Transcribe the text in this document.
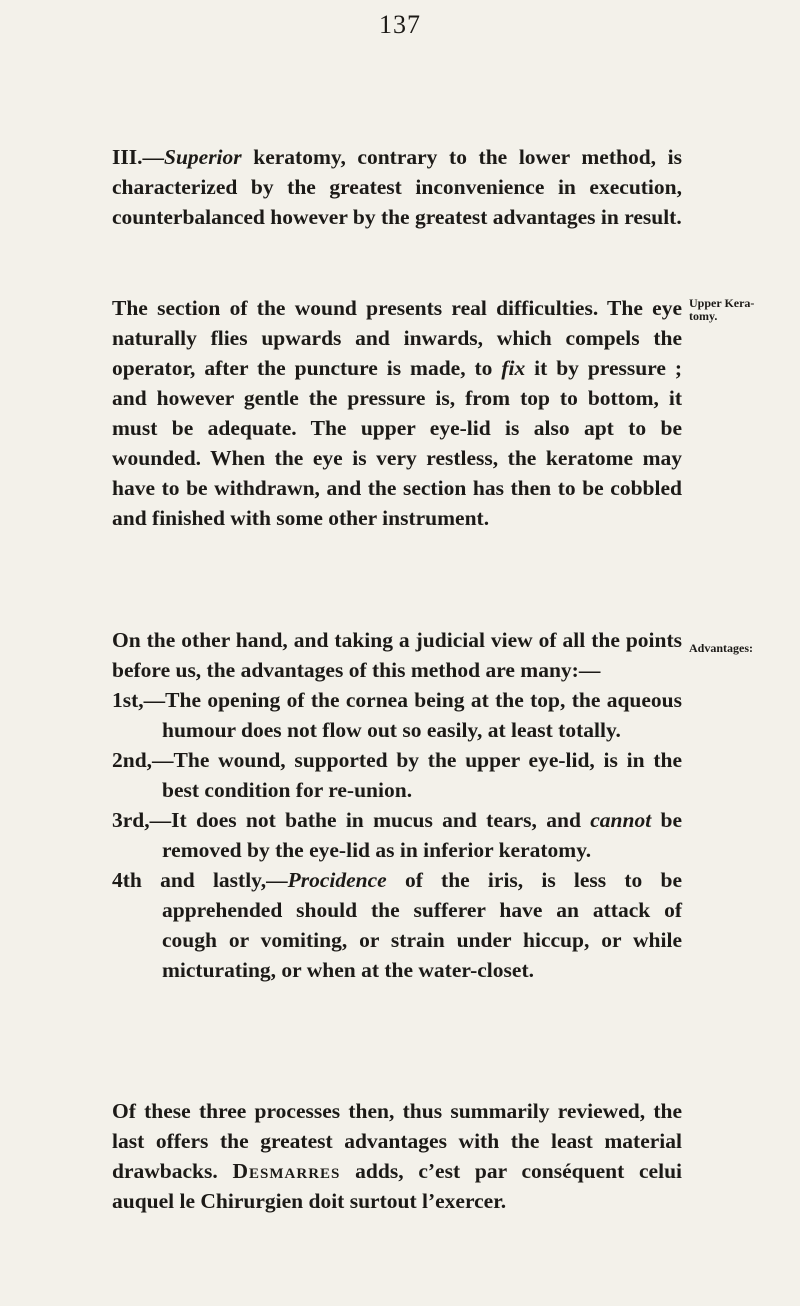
137

III.—Superior keratomy, contrary to the lower method, is characterized by the greatest inconvenience in execution, counterbalanced however by the greatest advantages in result.

The section of the wound presents real difficulties. The eye naturally flies upwards and inwards, which compels the operator, after the puncture is made, to fix it by pressure ; and however gentle the pressure is, from top to bottom, it must be adequate. The upper eye-lid is also apt to be wounded. When the eye is very restless, the keratome may have to be withdrawn, and the section has then to be cobbled and finished with some other instrument.

Upper Kera-
tomy.

On the other hand, and taking a judicial view of all the points before us, the advantages of this method are many:—

1st,—The opening of the cornea being at the top, the aqueous humour does not flow out so easily, at least totally.

2nd,—The wound, supported by the upper eye-lid, is in the best condition for re-union.

3rd,—It does not bathe in mucus and tears, and cannot be removed by the eye-lid as in inferior keratomy.

4th and lastly,—Procidence of the iris, is less to be apprehended should the sufferer have an attack of cough or vomiting, or strain under hiccup, or while micturating, or when at the water-closet.

Advantages:

Of these three processes then, thus summarily reviewed, the last offers the greatest advantages with the least material drawbacks. Desmarres adds, c’est par conséquent celui auquel le Chirurgien doit surtout l’exercer.
